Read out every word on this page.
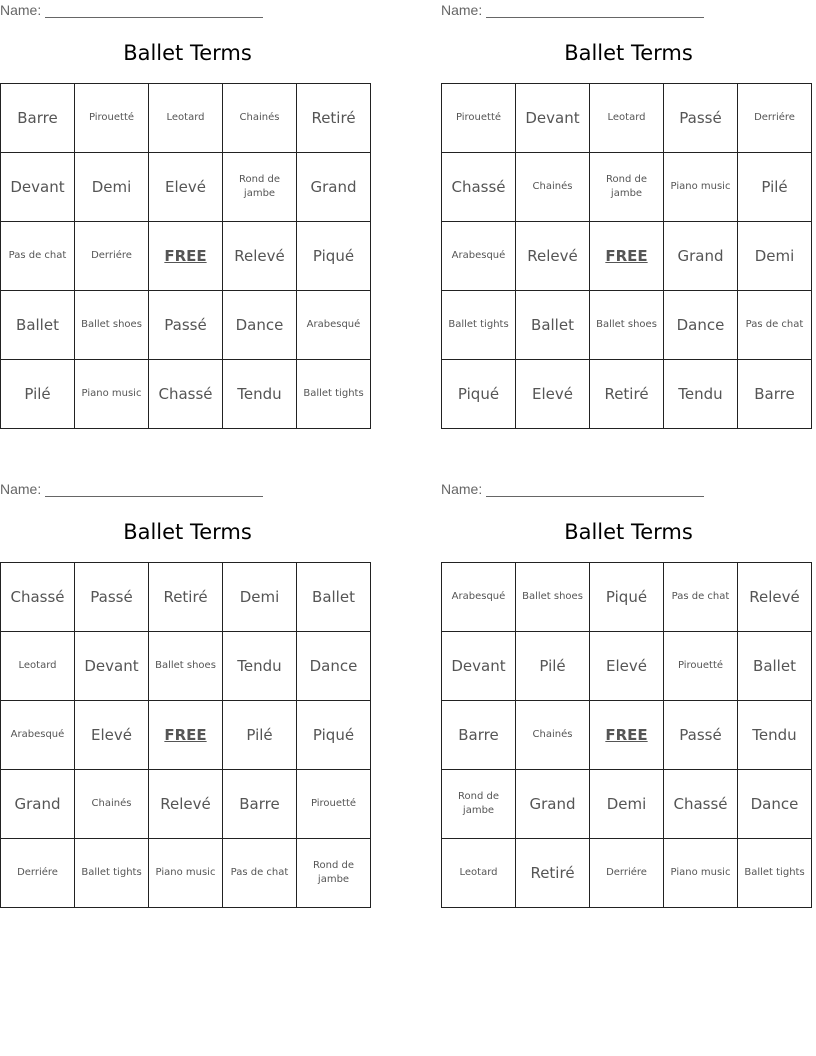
Name:
Ballet Terms
Barre	Pirouetté	Leotard	Chainés	Retiré
Devant	Demi	Elevé	Rond de jambe	Grand
Pas de chat	Derriére	FREE	Relevé	Piqué
Ballet	Ballet shoes	Passé	Dance	Arabesqué
Pilé	Piano music	Chassé	Tendu	Ballet tights
Name:
Ballet Terms
Pirouetté	Devant	Leotard	Passé	Derriére
Chassé	Chainés	Rond de jambe	Piano music	Pilé
Arabesqué	Relevé	FREE	Grand	Demi
Ballet tights	Ballet	Ballet shoes	Dance	Pas de chat
Piqué	Elevé	Retiré	Tendu	Barre
Name:
Ballet Terms
Chassé	Passé	Retiré	Demi	Ballet
Leotard	Devant	Ballet shoes	Tendu	Dance
Arabesqué	Elevé	FREE	Pilé	Piqué
Grand	Chainés	Relevé	Barre	Pirouetté
Derriére	Ballet tights	Piano music	Pas de chat	Rond de jambe
Name:
Ballet Terms
Arabesqué	Ballet shoes	Piqué	Pas de chat	Relevé
Devant	Pilé	Elevé	Pirouetté	Ballet
Barre	Chainés	FREE	Passé	Tendu
Rond de jambe	Grand	Demi	Chassé	Dance
Leotard	Retiré	Derriére	Piano music	Ballet tights
